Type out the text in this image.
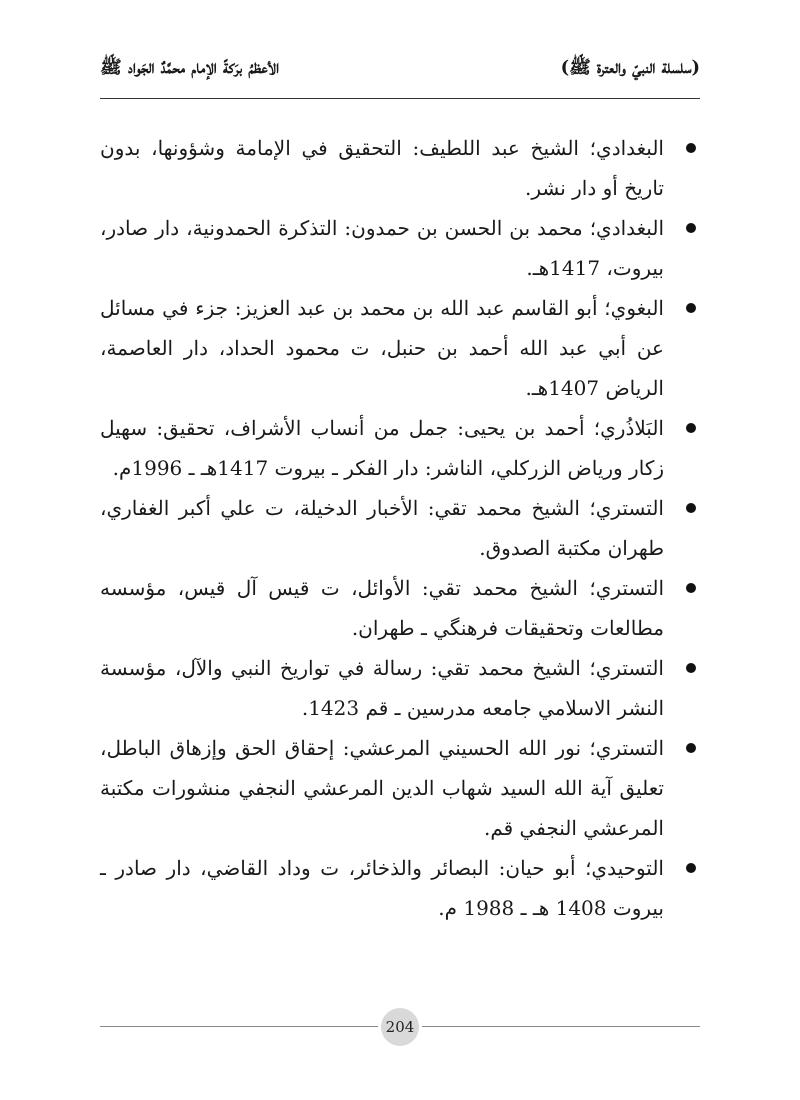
(سلسلة النبيّ والعترة ﷺ)
الأعظمُ برَكةً الإمام محمَّدٌ الجَواد ﷺ
البغدادي؛ الشيخ عبد اللطيف: التحقيق في الإمامة وشؤونها، بدون تاريخ أو دار نشر.
البغدادي؛ محمد بن الحسن بن حمدون: التذكرة الحمدونية، دار صادر، بيروت، 1417هـ.
البغوي؛ أبو القاسم عبد الله بن محمد بن عبد العزيز: جزء في مسائل عن أبي عبد الله أحمد بن حنبل، ت محمود الحداد، دار العاصمة، الرياض 1407هـ.
البَلاذُري؛ أحمد بن يحيى: جمل من أنساب الأشراف، تحقيق: سهيل زكار ورياض الزركلي، الناشر: دار الفكر ـ بيروت 1417هـ ـ 1996م.
التستري؛ الشيخ محمد تقي: الأخبار الدخيلة، ت علي أكبر الغفاري، طهران مكتبة الصدوق.
التستري؛ الشيخ محمد تقي: الأوائل، ت قيس آل قيس، مؤسسه مطالعات وتحقيقات فرهنگي ـ طهران.
التستري؛ الشيخ محمد تقي: رسالة في تواريخ النبي والآل، مؤسسة النشر الاسلامي جامعه مدرسين ـ قم 1423.
التستري؛ نور الله الحسيني المرعشي: إحقاق الحق وإزهاق الباطل، تعليق آية الله السيد شهاب الدين المرعشي النجفي منشورات مكتبة المرعشي النجفي قم.
التوحيدي؛ أبو حيان: البصائر والذخائر، ت وداد القاضي، دار صادر ـ بيروت 1408 هـ ـ 1988 م.
204
